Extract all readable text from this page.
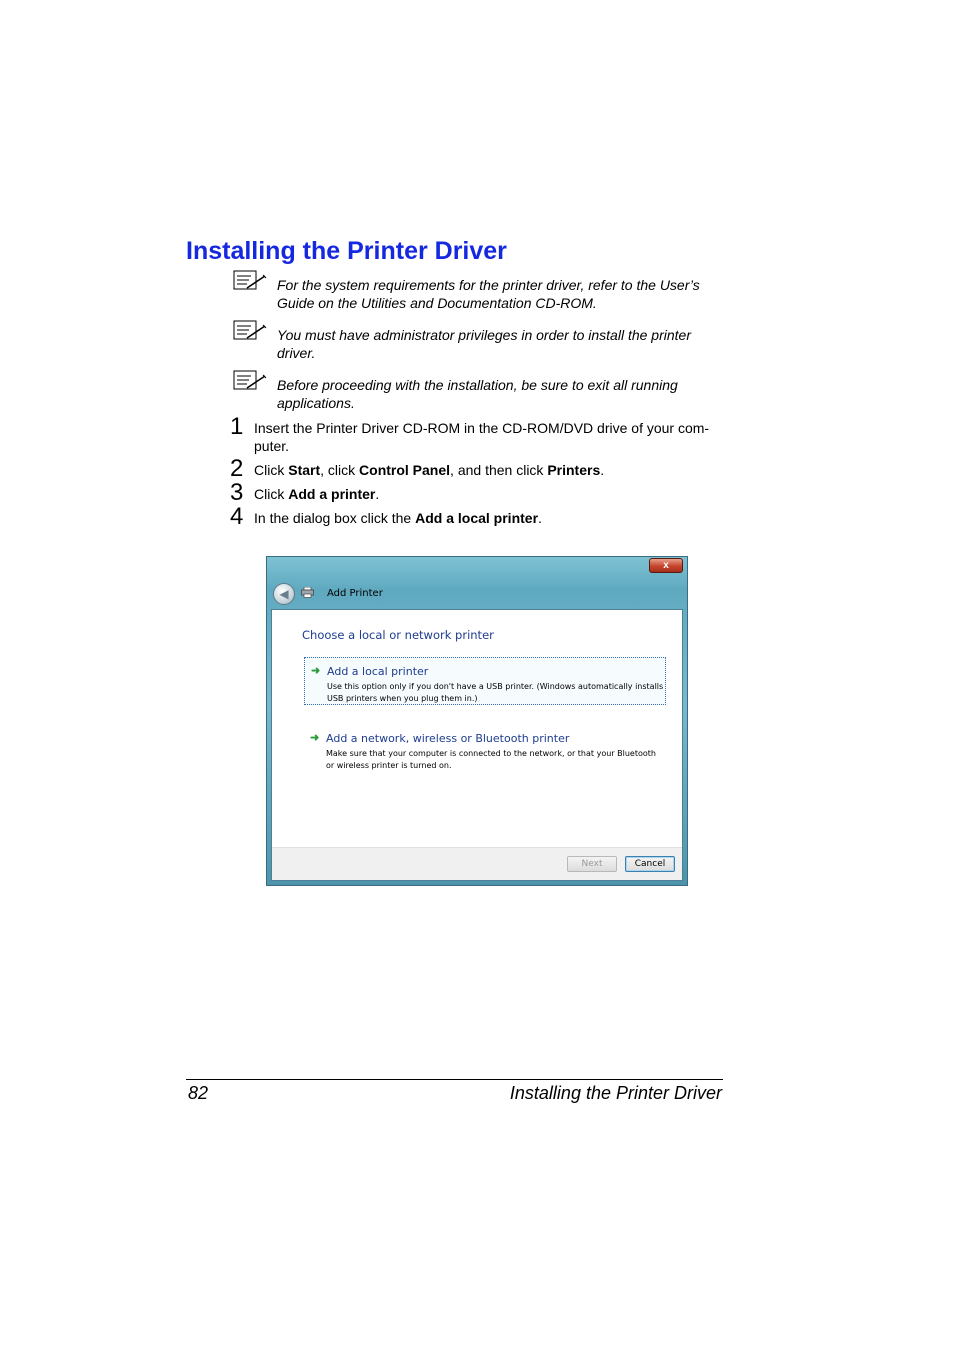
Installing the Printer Driver
For the system requirements for the printer driver, refer to the User’s Guide on the Utilities and Documentation CD-ROM.
You must have administrator privileges in order to install the printer driver.
Before proceeding with the installation, be sure to exit all running applications.
1 Insert the Printer Driver CD-ROM in the CD-ROM/DVD drive of your com-puter.
2 Click Start, click Control Panel, and then click Printers.
3 Click Add a printer.
4 In the dialog box click the Add a local printer.
x
◀	Add Printer
Choose a local or network printer
➜ Add a local printer
Use this option only if you don't have a USB printer. (Windows automatically installs USB printers when you plug them in.)
➜ Add a network, wireless or Bluetooth printer
Make sure that your computer is connected to the network, or that your Bluetooth or wireless printer is turned on.
Next	Cancel
82	Installing the Printer Driver
